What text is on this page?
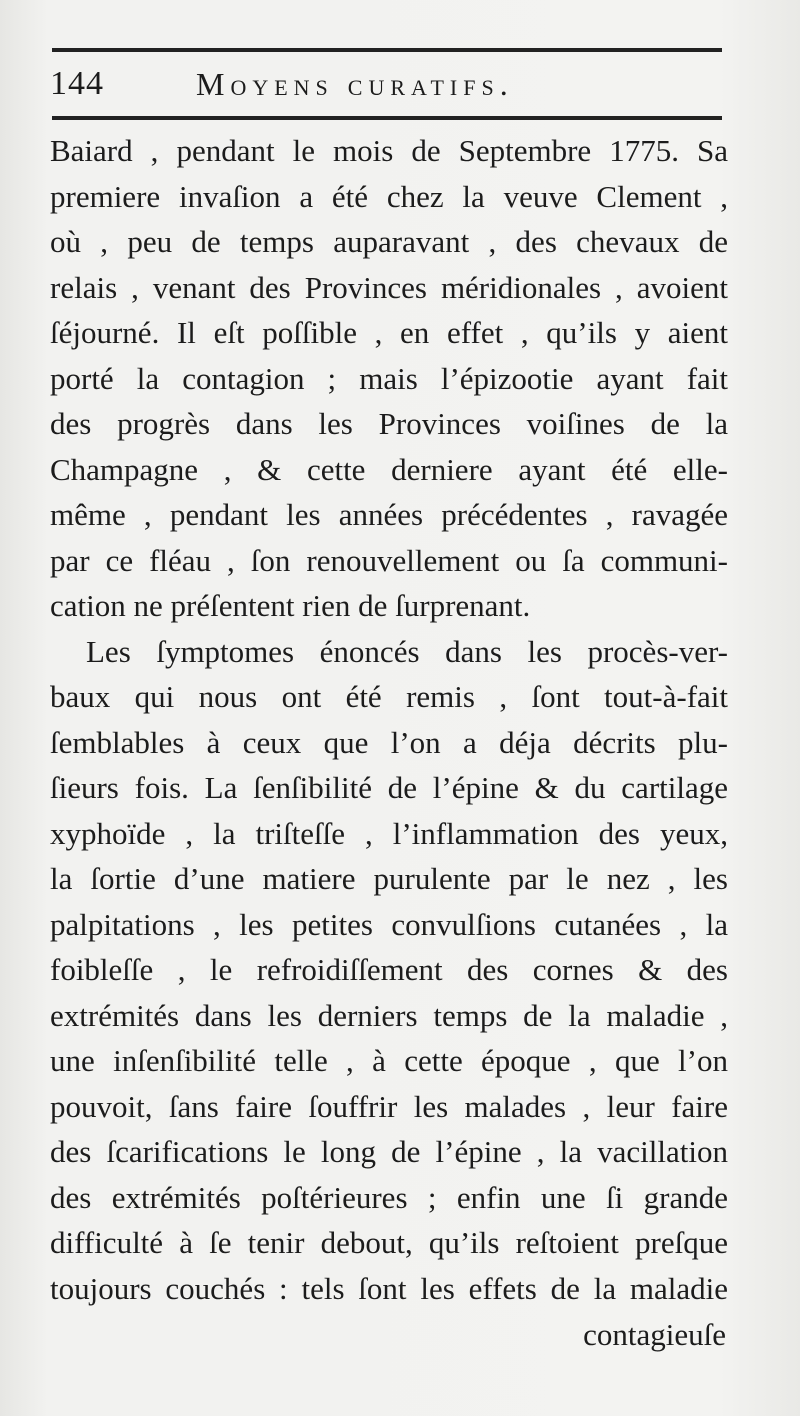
144	Moyens curatifs.
Baiard , pendant le mois de Septembre 1775. Sa
premiere invaſion a été chez la veuve Clement ,
où , peu de temps auparavant , des chevaux de
relais , venant des Provinces méridionales , avoient
ſéjourné. Il eſt poſſible , en effet , qu’ils y aient
porté la contagion ; mais l’épizootie ayant fait
des progrès dans les Provinces voiſines de la
Champagne , & cette derniere ayant été elle-
même , pendant les années précédentes , ravagée
par ce fléau , ſon renouvellement ou ſa communi-
cation ne préſentent rien de ſurprenant.
Les ſymptomes énoncés dans les procès-ver-
baux qui nous ont été remis , ſont tout-à-fait
ſemblables à ceux que l’on a déja décrits plu-
ſieurs fois. La ſenſibilité de l’épine & du cartilage
xyphoïde , la triſteſſe , l’inflammation des yeux,
la ſortie d’une matiere purulente par le nez , les
palpitations , les petites convulſions cutanées , la
foibleſſe , le refroidiſſement des cornes & des
extrémités dans les derniers temps de la maladie ,
une inſenſibilité telle , à cette époque , que l’on
pouvoit, ſans faire ſouffrir les malades , leur faire
des ſcarifications le long de l’épine , la vacillation
des extrémités poſtérieures ; enfin une ſi grande
difficulté à ſe tenir debout, qu’ils reſtoient preſque
toujours couchés : tels ſont les effets de la maladie
contagieuſe
